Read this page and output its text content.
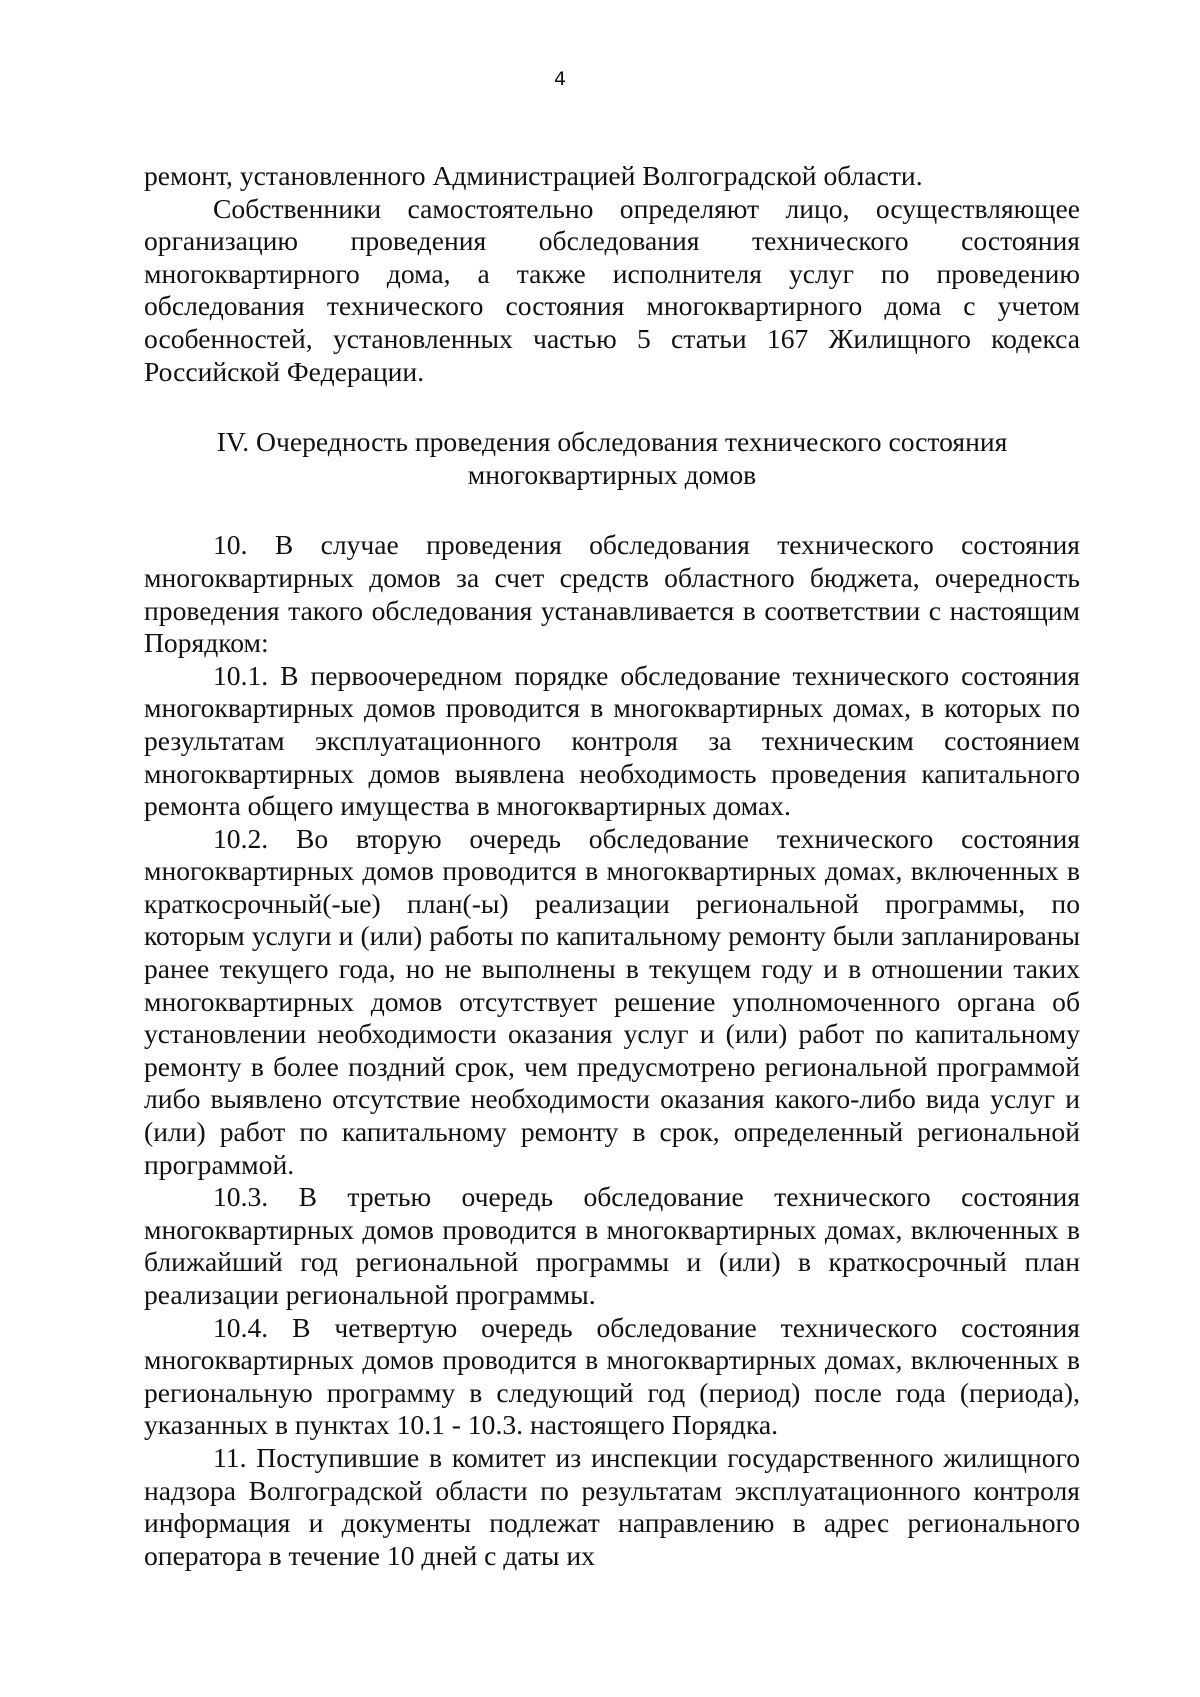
4

ремонт, установленного Администрацией Волгоградской области.

Собственники самостоятельно определяют лицо, осуществляющее организацию проведения обследования технического состояния многоквартирного дома, а также исполнителя услуг по проведению обследования технического состояния многоквартирного дома с учетом особенностей, установленных частью 5 статьи 167 Жилищного кодекса Российской Федерации.

IV. Очередность проведения обследования технического состояния
многоквартирных домов

10. В случае проведения обследования технического состояния многоквартирных домов за счет средств областного бюджета, очередность проведения такого обследования устанавливается в соответствии с настоящим Порядком:

10.1. В первоочередном порядке обследование технического состояния многоквартирных домов проводится в многоквартирных домах, в которых по результатам эксплуатационного контроля за техническим состоянием многоквартирных домов выявлена необходимость проведения капитального ремонта общего имущества в многоквартирных домах.

10.2. Во вторую очередь обследование технического состояния многоквартирных домов проводится в многоквартирных домах, включенных в краткосрочный(-ые) план(-ы) реализации региональной программы, по которым услуги и (или) работы по капитальному ремонту были запланированы ранее текущего года, но не выполнены в текущем году и в отношении таких многоквартирных домов отсутствует решение уполномоченного органа об установлении необходимости оказания услуг и (или) работ по капитальному ремонту в более поздний срок, чем предусмотрено региональной программой либо выявлено отсутствие необходимости оказания какого-либо вида услуг и (или) работ по капитальному ремонту в срок, определенный региональной программой.

10.3. В третью очередь обследование технического состояния многоквартирных домов проводится в многоквартирных домах, включенных в ближайший год региональной программы и (или) в краткосрочный план реализации региональной программы.

10.4. В четвертую очередь обследование технического состояния многоквартирных домов проводится в многоквартирных домах, включенных в региональную программу в следующий год (период) после года (периода), указанных в пунктах 10.1 - 10.3. настоящего Порядка.

11. Поступившие в комитет из инспекции государственного жилищного надзора Волгоградской области по результатам эксплуатационного контроля информация и документы подлежат направлению в адрес регионального оператора в течение 10 дней с даты их
